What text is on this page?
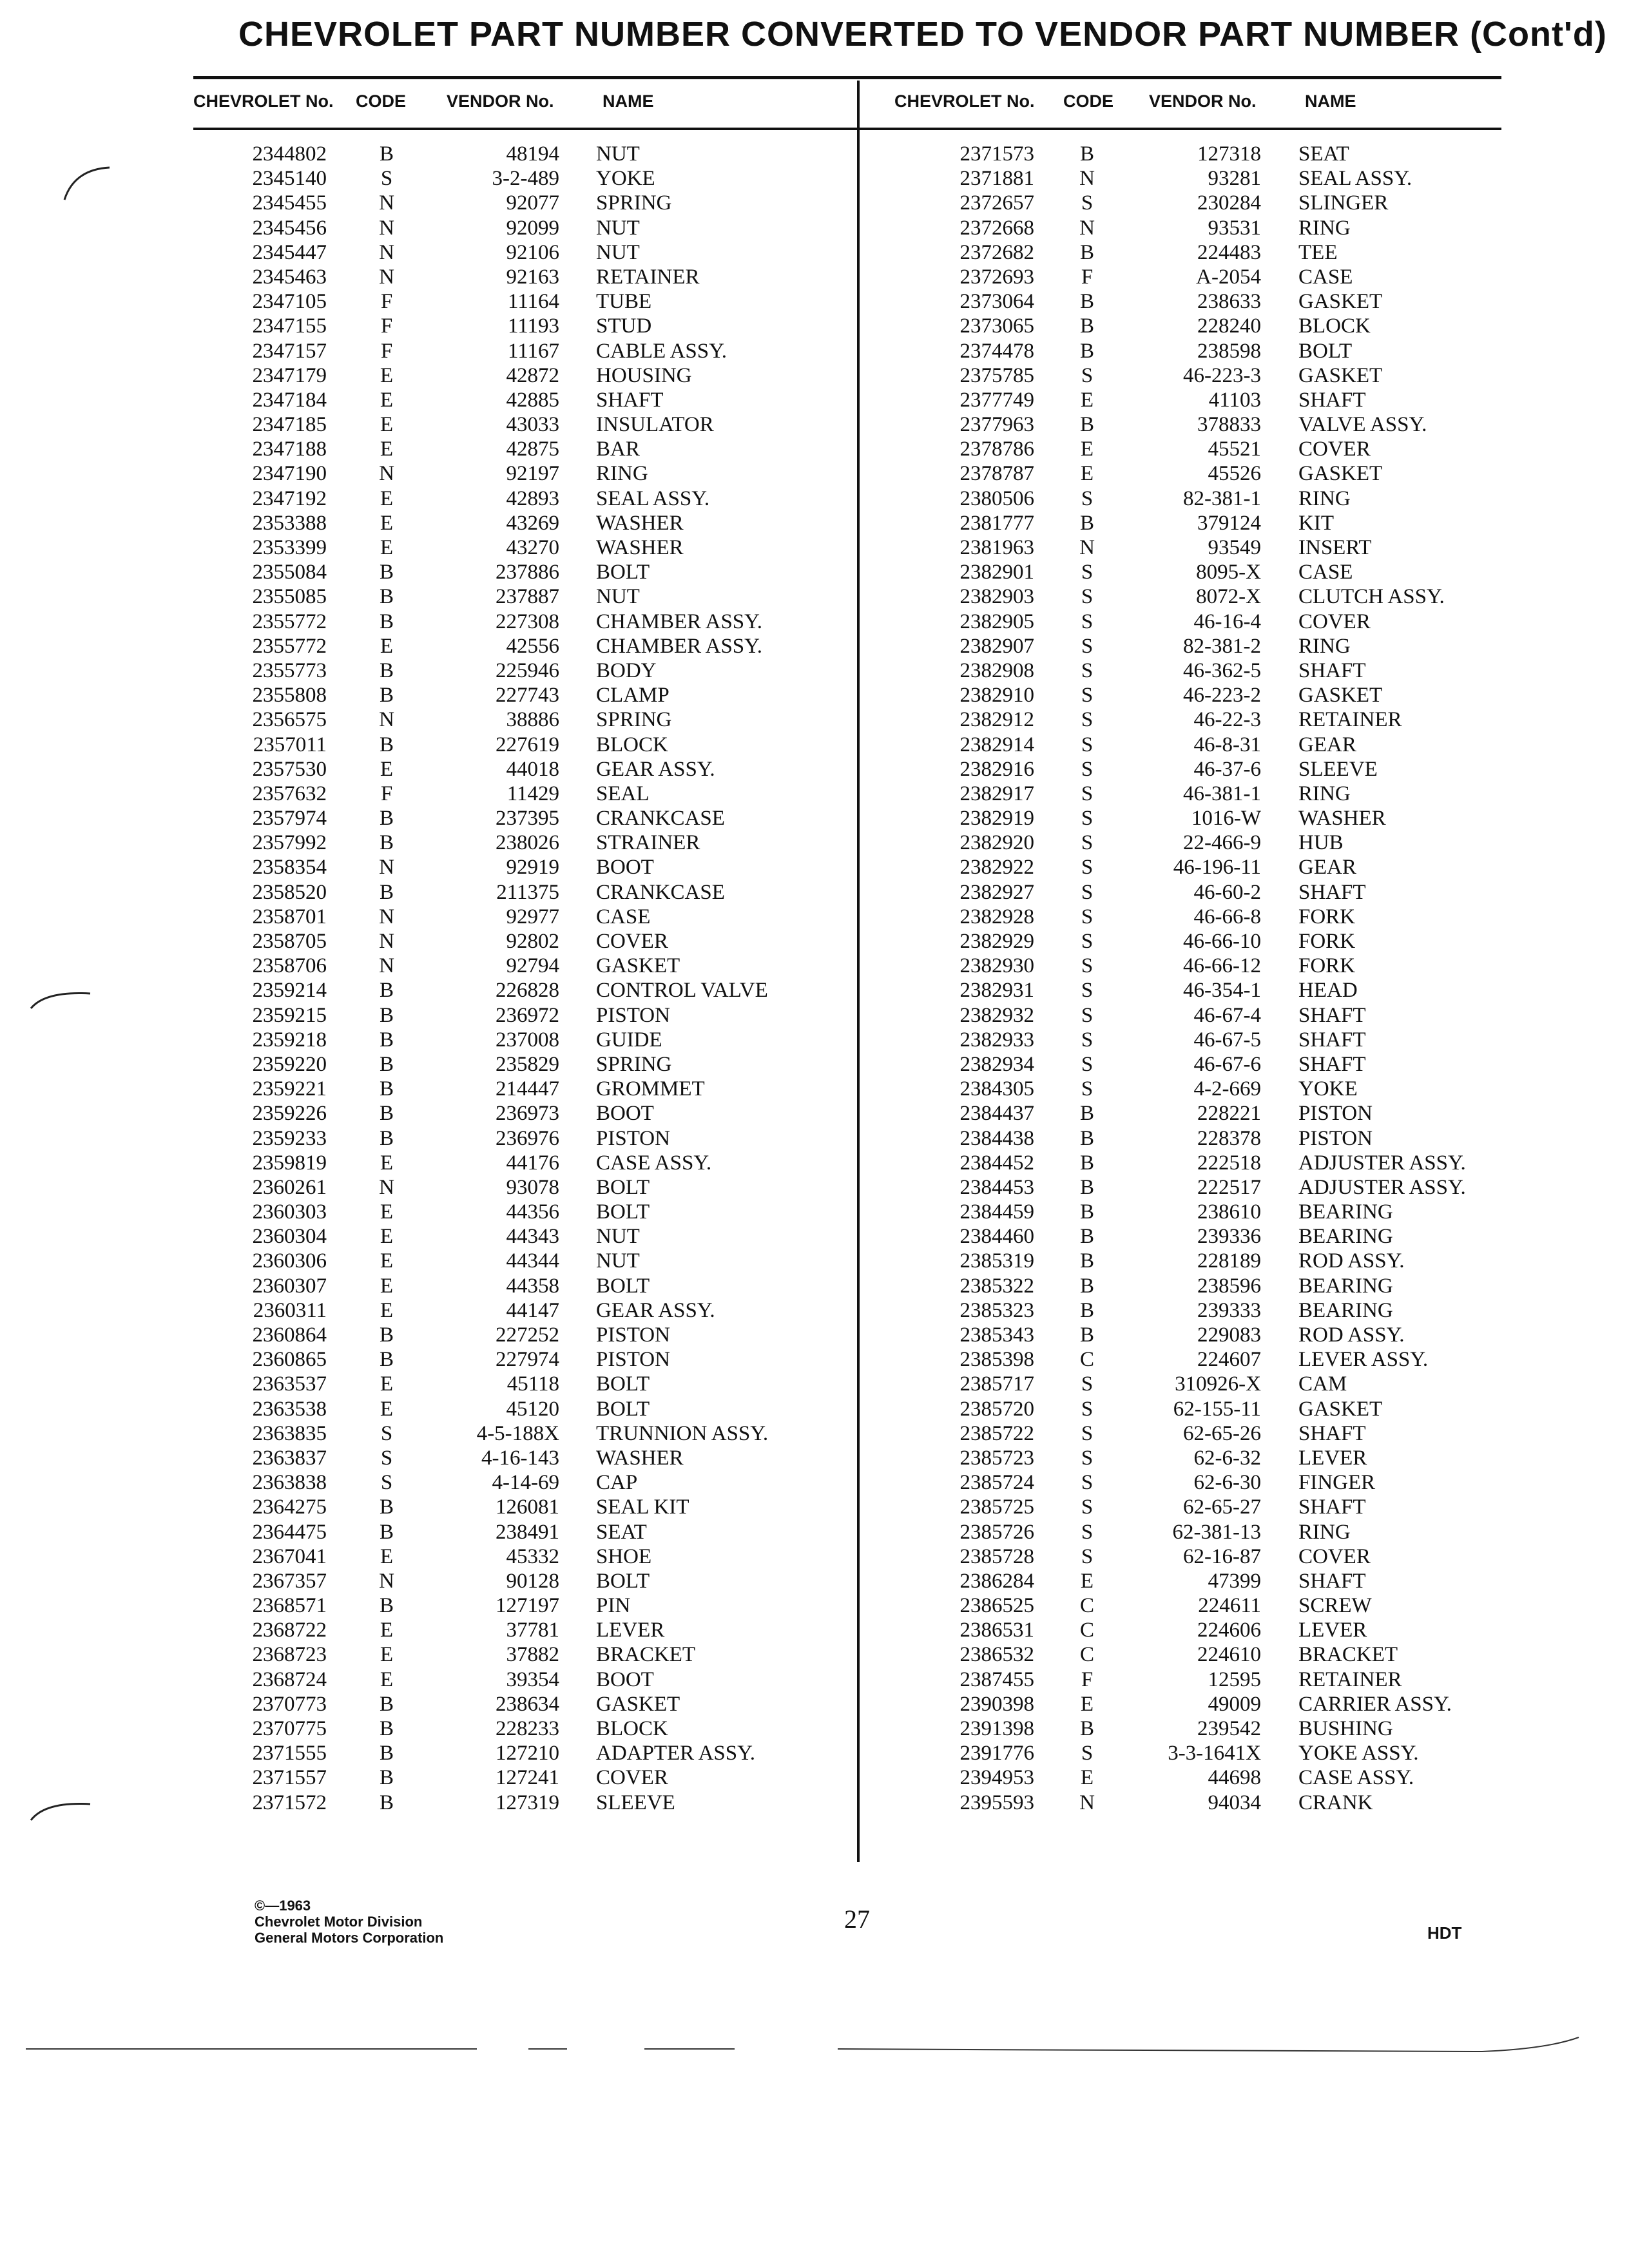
CHEVROLET PART NUMBER CONVERTED TO VENDOR PART NUMBER (Cont'd)
CHEVROLET No. CODE VENDOR No.	NAME	CHEVROLET No. CODE VENDOR No.	NAME
2344802	B	48194 NUT
2345140	S	3-2-489 YOKE
2345455	N	92077 SPRING
2345456	N	92099 NUT
2345447	N	92106 NUT
2345463	N	92163 RETAINER
2347105	F	11164 TUBE
2347155	F	11193 STUD
2347157	F	11167 CABLE ASSY.
2347179	E	42872 HOUSING
2347184	E	42885 SHAFT
2347185	E	43033 INSULATOR
2347188	E	42875 BAR
2347190	N	92197 RING
2347192	E	42893 SEAL ASSY.
2353388	E	43269 WASHER
2353399	E	43270 WASHER
2355084	B	237886 BOLT
2355085	B	237887 NUT
2355772	B	227308 CHAMBER ASSY.
2355772	E	42556 CHAMBER ASSY.
2355773	B	225946 BODY
2355808	B	227743 CLAMP
2356575	N	38886 SPRING
2357011	B	227619 BLOCK
2357530	E	44018 GEAR ASSY.
2357632	F	11429 SEAL
2357974	B	237395 CRANKCASE
2357992	B	238026 STRAINER
2358354	N	92919 BOOT
2358520	B	211375 CRANKCASE
2358701	N	92977 CASE
2358705	N	92802 COVER
2358706	N	92794 GASKET
2359214	B	226828 CONTROL VALVE
2359215	B	236972 PISTON
2359218	B	237008 GUIDE
2359220	B	235829 SPRING
2359221	B	214447 GROMMET
2359226	B	236973 BOOT
2359233	B	236976 PISTON
2359819	E	44176 CASE ASSY.
2360261	N	93078 BOLT
2360303	E	44356 BOLT
2360304	E	44343 NUT
2360306	E	44344 NUT
2360307	E	44358 BOLT
2360311	E	44147 GEAR ASSY.
2360864	B	227252 PISTON
2360865	B	227974 PISTON
2363537	E	45118 BOLT
2363538	E	45120 BOLT
2363835	S	4-5-188X TRUNNION ASSY.
2363837	S	4-16-143 WASHER
2363838	S	4-14-69 CAP
2364275	B	126081 SEAL KIT
2364475	B	238491 SEAT
2367041	E	45332 SHOE
2367357	N	90128 BOLT
2368571	B	127197 PIN
2368722	E	37781 LEVER
2368723	E	37882 BRACKET
2368724	E	39354 BOOT
2370773	B	238634 GASKET
2370775	B	228233 BLOCK
2371555	B	127210 ADAPTER ASSY.
2371557	B	127241 COVER
2371572	B	127319 SLEEVE
2371573	B	127318 SEAT
2371881	N	93281 SEAL ASSY.
2372657	S	230284 SLINGER
2372668	N	93531 RING
2372682	B	224483 TEE
2372693	F	A-2054 CASE
2373064	B	238633 GASKET
2373065	B	228240 BLOCK
2374478	B	238598 BOLT
2375785	S	46-223-3 GASKET
2377749	E	41103 SHAFT
2377963	B	378833 VALVE ASSY.
2378786	E	45521 COVER
2378787	E	45526 GASKET
2380506	S	82-381-1 RING
2381777	B	379124 KIT
2381963	N	93549 INSERT
2382901	S	8095-X CASE
2382903	S	8072-X CLUTCH ASSY.
2382905	S	46-16-4 COVER
2382907	S	82-381-2 RING
2382908	S	46-362-5 SHAFT
2382910	S	46-223-2 GASKET
2382912	S	46-22-3 RETAINER
2382914	S	46-8-31 GEAR
2382916	S	46-37-6 SLEEVE
2382917	S	46-381-1 RING
2382919	S	1016-W WASHER
2382920	S	22-466-9 HUB
2382922	S	46-196-11 GEAR
2382927	S	46-60-2 SHAFT
2382928	S	46-66-8 FORK
2382929	S	46-66-10 FORK
2382930	S	46-66-12 FORK
2382931	S	46-354-1 HEAD
2382932	S	46-67-4 SHAFT
2382933	S	46-67-5 SHAFT
2382934	S	46-67-6 SHAFT
2384305	S	4-2-669 YOKE
2384437	B	228221 PISTON
2384438	B	228378 PISTON
2384452	B	222518 ADJUSTER ASSY.
2384453	B	222517 ADJUSTER ASSY.
2384459	B	238610 BEARING
2384460	B	239336 BEARING
2385319	B	228189 ROD ASSY.
2385322	B	238596 BEARING
2385323	B	239333 BEARING
2385343	B	229083 ROD ASSY.
2385398	C	224607 LEVER ASSY.
2385717	S	310926-X CAM
2385720	S	62-155-11 GASKET
2385722	S	62-65-26 SHAFT
2385723	S	62-6-32 LEVER
2385724	S	62-6-30 FINGER
2385725	S	62-65-27 SHAFT
2385726	S	62-381-13 RING
2385728	S	62-16-87 COVER
2386284	E	47399 SHAFT
2386525	C	224611 SCREW
2386531	C	224606 LEVER
2386532	C	224610 BRACKET
2387455	F	12595 RETAINER
2390398	E	49009 CARRIER ASSY.
2391398	B	239542 BUSHING
2391776	S	3-3-1641X YOKE ASSY.
2394953	E	44698 CASE ASSY.
2395593	N	94034 CRANK
©—1963
Chevrolet Motor Division
General Motors Corporation
27	HDT
